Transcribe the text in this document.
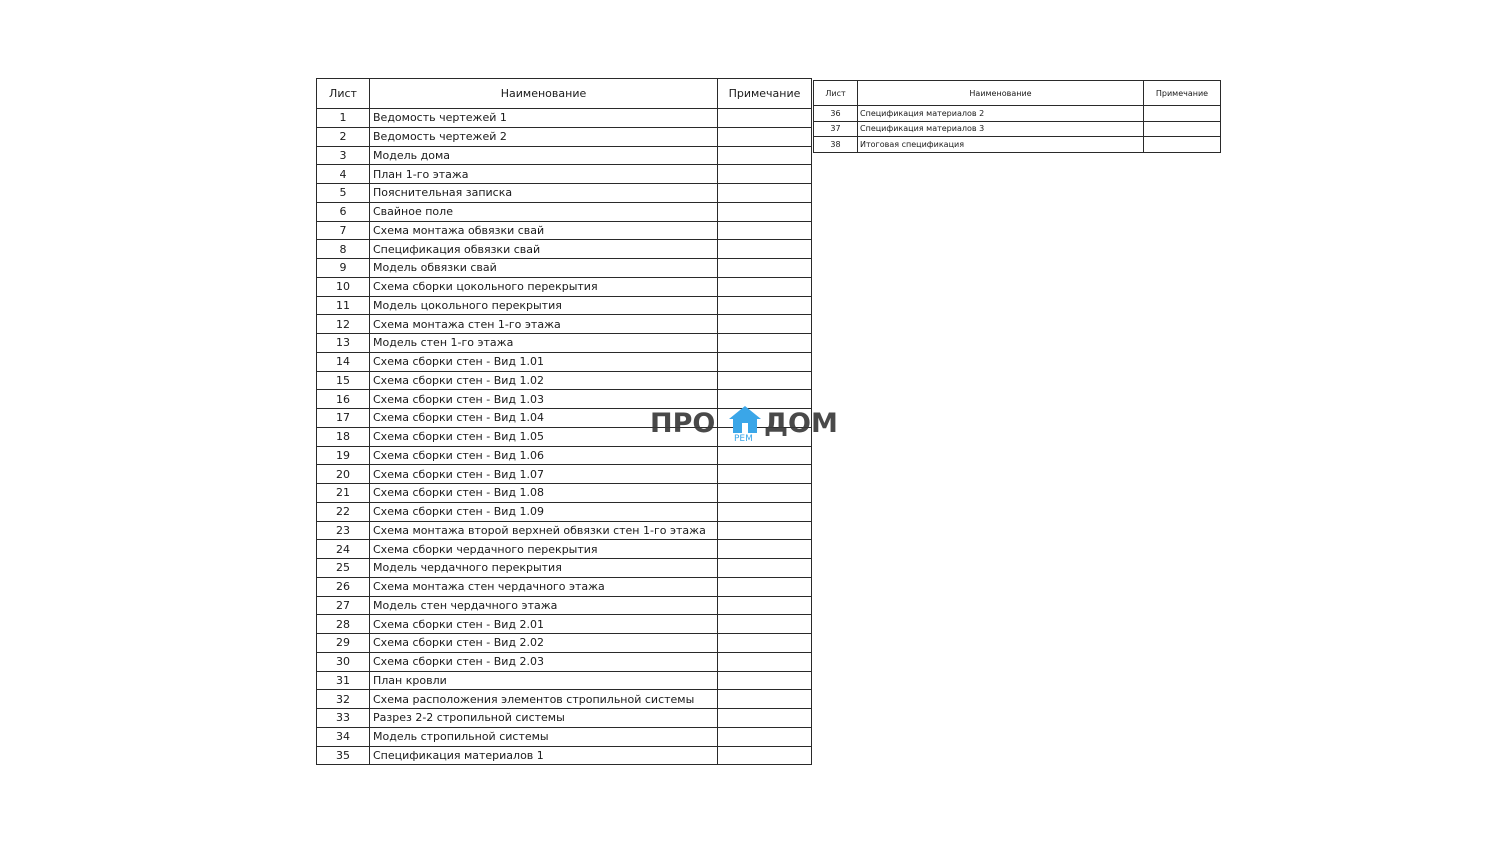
Лист	Наименование	Примечание
1	Ведомость чертежей 1	
2	Ведомость чертежей 2	
3	Модель дома	
4	План 1-го этажа	
5	Пояснительная записка	
6	Свайное поле	
7	Схема монтажа обвязки свай	
8	Спецификация обвязки свай	
9	Модель обвязки свай	
10	Схема сборки цокольного перекрытия	
11	Модель цокольного перекрытия	
12	Схема монтажа стен 1-го этажа	
13	Модель стен 1-го этажа	
14	Схема сборки стен - Вид 1.01	
15	Схема сборки стен - Вид 1.02	
16	Схема сборки стен - Вид 1.03	
17	Схема сборки стен - Вид 1.04	
18	Схема сборки стен - Вид 1.05	
19	Схема сборки стен - Вид 1.06	
20	Схема сборки стен - Вид 1.07	
21	Схема сборки стен - Вид 1.08	
22	Схема сборки стен - Вид 1.09	
23	Схема монтажа второй верхней обвязки стен 1-го этажа	
24	Схема сборки чердачного перекрытия	
25	Модель чердачного перекрытия	
26	Схема монтажа стен чердачного этажа	
27	Модель стен чердачного этажа	
28	Схема сборки стен - Вид 2.01	
29	Схема сборки стен - Вид 2.02	
30	Схема сборки стен - Вид 2.03	
31	План кровли	
32	Схема расположения элементов стропильной системы	
33	Разрез 2-2 стропильной системы	
34	Модель стропильной системы	
35	Спецификация материалов 1	
Лист	Наименование	Примечание
36	Спецификация материалов 2	
37	Спецификация материалов 3	
38	Итоговая спецификация	
ПРО РЕМ ДОМ
